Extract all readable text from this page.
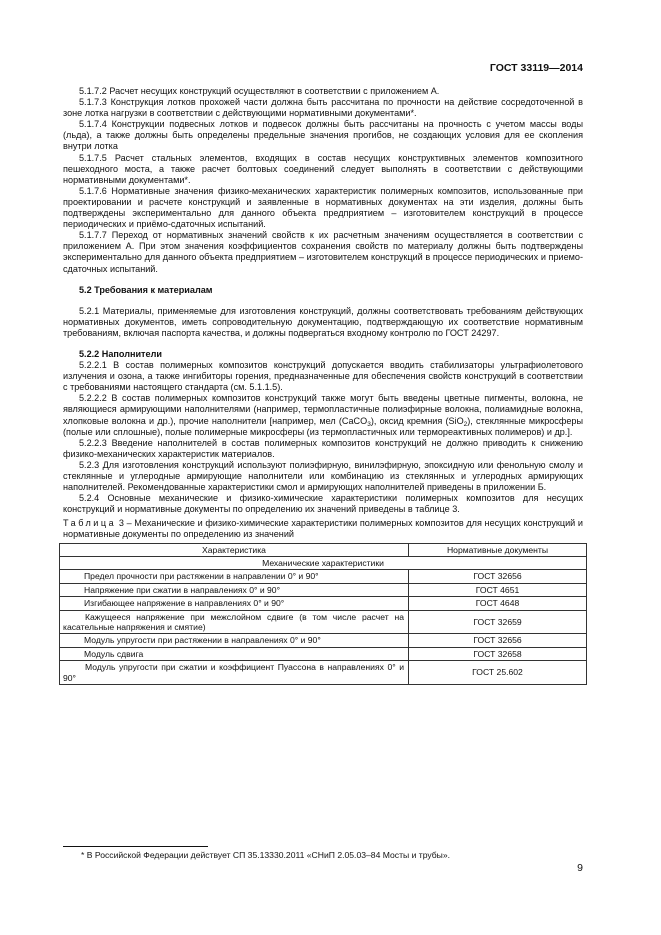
ГОСТ 33119—2014

5.1.7.2 Расчет несущих конструкций осуществляют в соответствии с приложением А.

5.1.7.3 Конструкция лотков прохожей части должна быть рассчитана по прочности на действие сосредоточенной в зоне лотка нагрузки в соответствии с действующими нормативными документами*.

5.1.7.4 Конструкции подвесных лотков и подвесок должны быть рассчитаны на прочность с учетом массы воды (льда), а также должны быть определены предельные значения прогибов, не создающих условия для ее скопления внутри лотка

5.1.7.5 Расчет стальных элементов, входящих в состав несущих конструктивных элементов композитного пешеходного моста, а также расчет болтовых соединений следует выполнять в соответствии с действующими нормативными документами*.

5.1.7.6 Нормативные значения физико-механических характеристик полимерных композитов, использованные при проектировании и расчете конструкций и заявленные в нормативных документах на эти изделия, должны быть подтверждены экспериментально для данного объекта предприятием – изготовителем конструкций в процессе периодических и приёмо-сдаточных испытаний.

5.1.7.7 Переход от нормативных значений свойств к их расчетным значениям осуществляется в соответствии с приложением А. При этом значения коэффициентов сохранения свойств по материалу должны быть подтверждены экспериментально для данного объекта предприятием – изготовителем конструкций в процессе периодических и приемо-сдаточных испытаний.

5.2 Требования к материалам

5.2.1 Материалы, применяемые для изготовления конструкций, должны соответствовать требованиям действующих нормативных документов, иметь сопроводительную документацию, подтверждающую их соответствие нормативным требованиям, включая паспорта качества, и должны подвергаться входному контролю по ГОСТ 24297.

5.2.2 Наполнители

5.2.2.1 В состав полимерных композитов конструкций допускается вводить стабилизаторы ультрафиолетового излучения и озона, а также ингибиторы горения, предназначенные для обеспечения свойств конструкций в соответствии с требованиями настоящего стандарта (см. 5.1.1.5).

5.2.2.2 В состав полимерных композитов конструкций также могут быть введены цветные пигменты, волокна, не являющиеся армирующими наполнителями (например, термопластичные полиэфирные волокна, полиамидные волокна, хлопковые волокна и др.), прочие наполнители [например, мел (CaCO$_3$), оксид кремния (SiO$_2$), стеклянные микросферы (полые или сплошные), полые полимерные микросферы (из термопластичных или термореактивных полимеров) и др.].

5.2.2.3 Введение наполнителей в состав полимерных композитов конструкций не должно приводить к снижению физико-механических характеристик материалов.

5.2.3 Для изготовления конструкций используют полиэфирную, винилэфирную, эпоксидную или фенольную смолу и стеклянные и углеродные армирующие наполнители или комбинацию из стеклянных и углеродных армирующих наполнителей. Рекомендованные характеристики смол и армирующих наполнителей приведены в приложении Б.

5.2.4 Основные механические и физико-химические характеристики полимерных композитов для несущих конструкций и нормативные документы по определению их значений приведены в таблице 3.

Таблица 3 – Механические и физико-химические характеристики полимерных композитов для несущих конструкций и нормативные документы по определению из значений

Характеристика	Нормативные документы
Механические характеристики	
Предел прочности при растяжении в направлении 0° и 90°	ГОСТ 32656
Напряжение при сжатии в направлениях 0° и 90°	ГОСТ 4651
Изгибающее напряжение в направлениях 0° и 90°	ГОСТ 4648
Кажущееся напряжение при межслойном сдвиге (в том числе расчет на касательные напряжения и смятие)	ГОСТ 32659
Модуль упругости при растяжении в направлениях 0° и 90°	ГОСТ 32656
Модуль сдвига	ГОСТ 32658
Модуль упругости при сжатии и коэффициент Пуассона в направлениях 0° и 90°	ГОСТ 25.602
* В Российской Федерации действует СП 35.13330.2011 «СНиП 2.05.03–84 Мосты и трубы».
9
